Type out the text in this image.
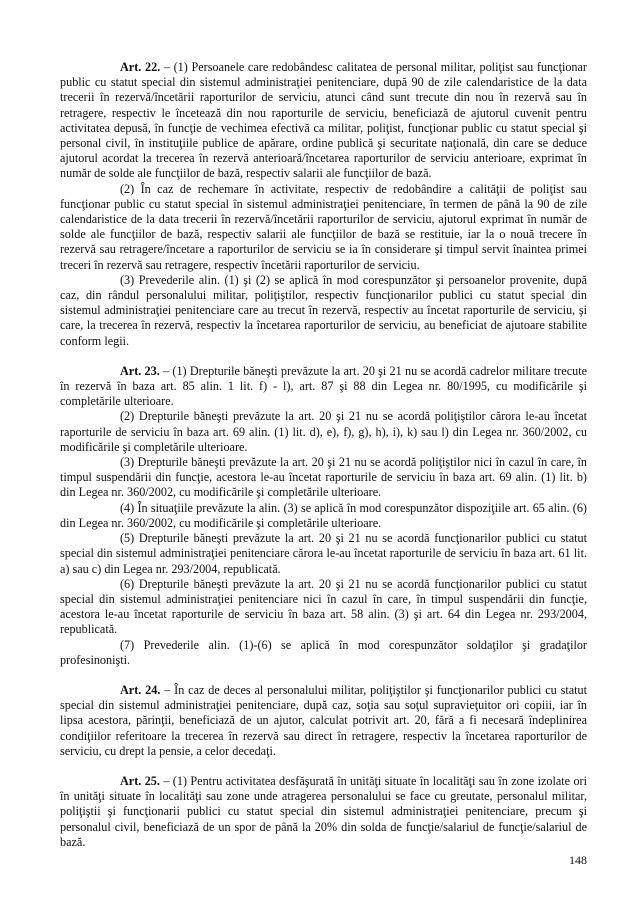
Art. 22. – (1) Persoanele care redobândesc calitatea de personal militar, poliţist sau funcţionar public cu statut special din sistemul administraţiei penitenciare, după 90 de zile calendaristice de la data trecerii în rezervă/încetării raporturilor de serviciu, atunci când sunt trecute din nou în rezervă sau în retragere, respectiv le încetează din nou raporturile de serviciu, beneficiază de ajutorul cuvenit pentru activitatea depusă, în funcţie de vechimea efectivă ca militar, poliţist, funcţionar public cu statut special şi personal civil, în instituţiile publice de apărare, ordine publică şi securitate naţională, din care se deduce ajutorul acordat la trecerea în rezervă anterioară/încetarea raporturilor de serviciu anterioare, exprimat în număr de solde ale funcţiilor de bază, respectiv salarii ale funcţiilor de bază.

(2) În caz de rechemare în activitate, respectiv de redobândire a calităţii de poliţist sau funcţionar public cu statut special în sistemul administraţiei penitenciare, în termen de până la 90 de zile calendaristice de la data trecerii în rezervă/încetării raporturilor de serviciu, ajutorul exprimat în număr de solde ale funcţiilor de bază, respectiv salarii ale funcţiilor de bază se restituie, iar la o nouă trecere în rezervă sau retragere/încetare a raporturilor de serviciu se ia în considerare şi timpul servit înaintea primei treceri în rezervă sau retragere, respectiv încetării raporturilor de serviciu.

(3) Prevederile alin. (1) şi (2) se aplică în mod corespunzător şi persoanelor provenite, după caz, din rândul personalului militar, poliţiştilor, respectiv funcţionarilor publici cu statut special din sistemul administraţiei penitenciare care au trecut în rezervă, respectiv au încetat raporturile de serviciu, şi care, la trecerea în rezervă, respectiv la încetarea raporturilor de serviciu, au beneficiat de ajutoare stabilite conform legii.

Art. 23. – (1) Drepturile băneşti prevăzute la art. 20 şi 21 nu se acordă cadrelor militare trecute în rezervă în baza art. 85 alin. 1 lit. f) - l), art. 87 şi 88 din Legea nr. 80/1995, cu modificările şi completările ulterioare.

(2) Drepturile băneşti prevăzute la art. 20 şi 21 nu se acordă poliţiştilor cărora le-au încetat raporturile de serviciu în baza art. 69 alin. (1) lit. d), e), f), g), h), i), k) sau l) din Legea nr. 360/2002, cu modificările şi completările ulterioare.

(3) Drepturile băneşti prevăzute la art. 20 şi 21 nu se acordă poliţiştilor nici în cazul în care, în timpul suspendării din funcţie, acestora le-au încetat raporturile de serviciu în baza art. 69 alin. (1) lit. b) din Legea nr. 360/2002, cu modificările şi completările ulterioare.

(4) În situaţiile prevăzute la alin. (3) se aplică în mod corespunzător dispoziţiile art. 65 alin. (6) din Legea nr. 360/2002, cu modificările şi completările ulterioare.

(5) Drepturile băneşti prevăzute la art. 20 şi 21 nu se acordă funcţionarilor publici cu statut special din sistemul administraţiei penitenciare cărora le-au încetat raporturile de serviciu în baza art. 61 lit. a) sau c) din Legea nr. 293/2004, republicată.

(6) Drepturile băneşti prevăzute la art. 20 şi 21 nu se acordă funcţionarilor publici cu statut special din sistemul administraţiei penitenciare nici în cazul în care, în timpul suspendării din funcţie, acestora le-au încetat raporturile de serviciu în baza art. 58 alin. (3) şi art. 64 din Legea nr. 293/2004, republicată.

(7) Prevederile alin. (1)-(6) se aplică în mod corespunzător soldaţilor şi gradaţilor profesinonişti.

Art. 24. – În caz de deces al personalului militar, poliţiştilor şi funcţionarilor publici cu statut special din sistemul administraţiei penitenciare, după caz, soţia sau soţul supravieţuitor ori copiii, iar în lipsa acestora, părinţii, beneficiază de un ajutor, calculat potrivit art. 20, fără a fi necesară îndeplinirea condiţiilor referitoare la trecerea în rezervă sau direct în retragere, respectiv la încetarea raporturilor de serviciu, cu drept la pensie, a celor decedaţi.

Art. 25. – (1) Pentru activitatea desfăşurată în unităţi situate în localităţi sau în zone izolate ori în unităţi situate în localităţi sau zone unde atragerea personalului se face cu greutate, personalul militar, poliţiştii şi funcţionarii publici cu statut special din sistemul administraţiei penitenciare, precum şi personalul civil, beneficiază de un spor de până la 20% din solda de funcţie/salariul de funcţie/salariul de bază.

148
